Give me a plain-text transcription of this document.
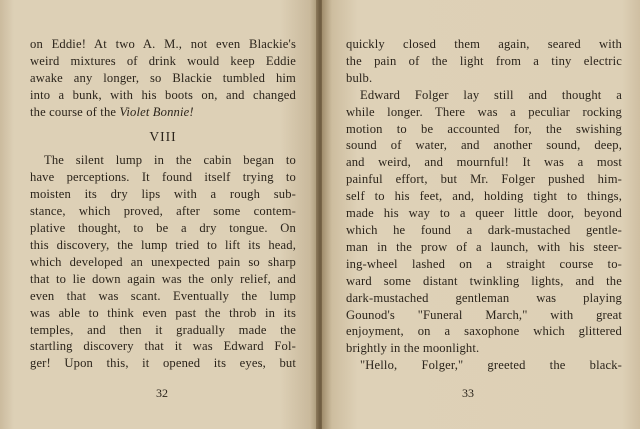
on Eddie! At two A. M., not even Blackie's
weird mixtures of drink would keep Eddie
awake any longer, so Blackie tumbled him
into a bunk, with his boots on, and changed
the course of the Violet Bonnie!
VIII
The silent lump in the cabin began to
have perceptions. It found itself trying to
moisten its dry lips with a rough sub-
stance, which proved, after some contem-
plative thought, to be a dry tongue. On
this discovery, the lump tried to lift its head,
which developed an unexpected pain so sharp
that to lie down again was the only relief, and
even that was scant. Eventually the lump
was able to think even past the throb in its
temples, and then it gradually made the
startling discovery that it was Edward Fol-
ger! Upon this, it opened its eyes, but
32
quickly closed them again, seared with
the pain of the light from a tiny electric
bulb.
Edward Folger lay still and thought a
while longer. There was a peculiar rocking
motion to be accounted for, the swishing
sound of water, and another sound, deep,
and weird, and mournful! It was a most
painful effort, but Mr. Folger pushed him-
self to his feet, and, holding tight to things,
made his way to a queer little door, beyond
which he found a dark-mustached gentle-
man in the prow of a launch, with his steer-
ing-wheel lashed on a straight course to-
ward some distant twinkling lights, and the
dark-mustached gentleman was playing
Gounod's "Funeral March," with great
enjoyment, on a saxophone which glittered
brightly in the moonlight.
"Hello, Folger," greeted the black-
33
